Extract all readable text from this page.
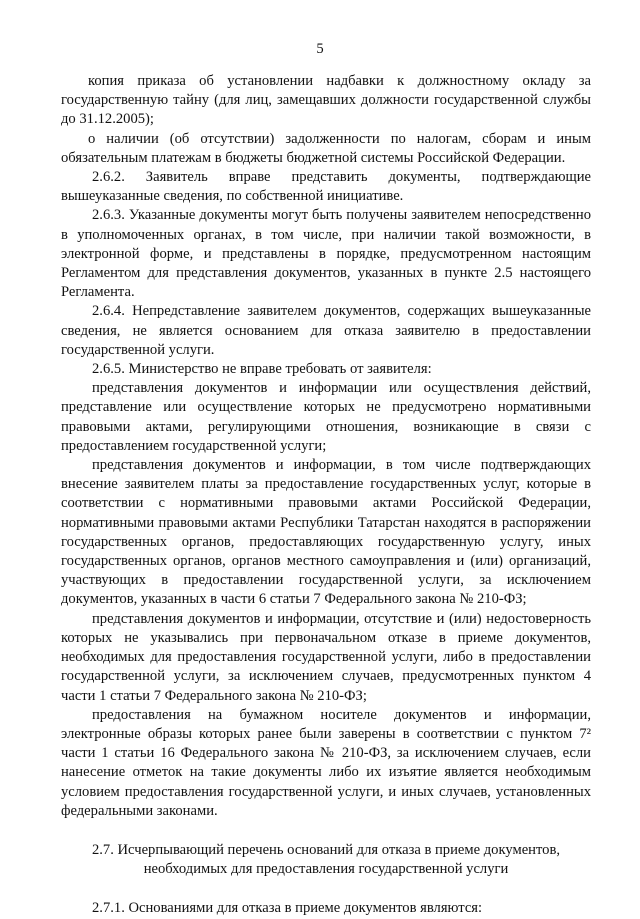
5

копия приказа об установлении надбавки к должностному окладу за государственную тайну (для лиц, замещавших должности государственной службы до 31.12.2005);

о наличии (об отсутствии) задолженности по налогам, сборам и иным обязательным платежам в бюджеты бюджетной системы Российской Федерации.

2.6.2. Заявитель вправе представить документы, подтверждающие вышеуказанные сведения, по собственной инициативе.

2.6.3. Указанные документы могут быть получены заявителем непосредственно в уполномоченных органах, в том числе, при наличии такой возможности, в электронной форме, и представлены в порядке, предусмотренном настоящим Регламентом для представления документов, указанных в пункте 2.5 настоящего Регламента.

2.6.4. Непредставление заявителем документов, содержащих вышеуказанные сведения, не является основанием для отказа заявителю в предоставлении государственной услуги.

2.6.5. Министерство не вправе требовать от заявителя:

представления документов и информации или осуществления действий, представление или осуществление которых не предусмотрено нормативными правовыми актами, регулирующими отношения, возникающие в связи с предоставлением государственной услуги;

представления документов и информации, в том числе подтверждающих внесение заявителем платы за предоставление государственных услуг, которые в соответствии с нормативными правовыми актами Российской Федерации, нормативными правовыми актами Республики Татарстан находятся в распоряжении государственных органов, предоставляющих государственную услугу, иных государственных органов, органов местного самоуправления и (или) организаций, участвующих в предоставлении государственной услуги, за исключением документов, указанных в части 6 статьи 7 Федерального закона № 210-ФЗ;

представления документов и информации, отсутствие и (или) недостоверность которых не указывались при первоначальном отказе в приеме документов, необходимых для предоставления государственной услуги, либо в предоставлении государственной услуги, за исключением случаев, предусмотренных пунктом 4 части 1 статьи 7 Федерального закона № 210-ФЗ;

предоставления на бумажном носителе документов и информации, электронные образы которых ранее были заверены в соответствии с пунктом 7² части 1 статьи 16 Федерального закона № 210-ФЗ, за исключением случаев, если нанесение отметок на такие документы либо их изъятие является необходимым условием предоставления государственной услуги, и иных случаев, установленных федеральными законами.

2.7. Исчерпывающий перечень оснований для отказа в приеме документов,
необходимых для предоставления государственной услуги

2.7.1. Основаниями для отказа в приеме документов являются:
